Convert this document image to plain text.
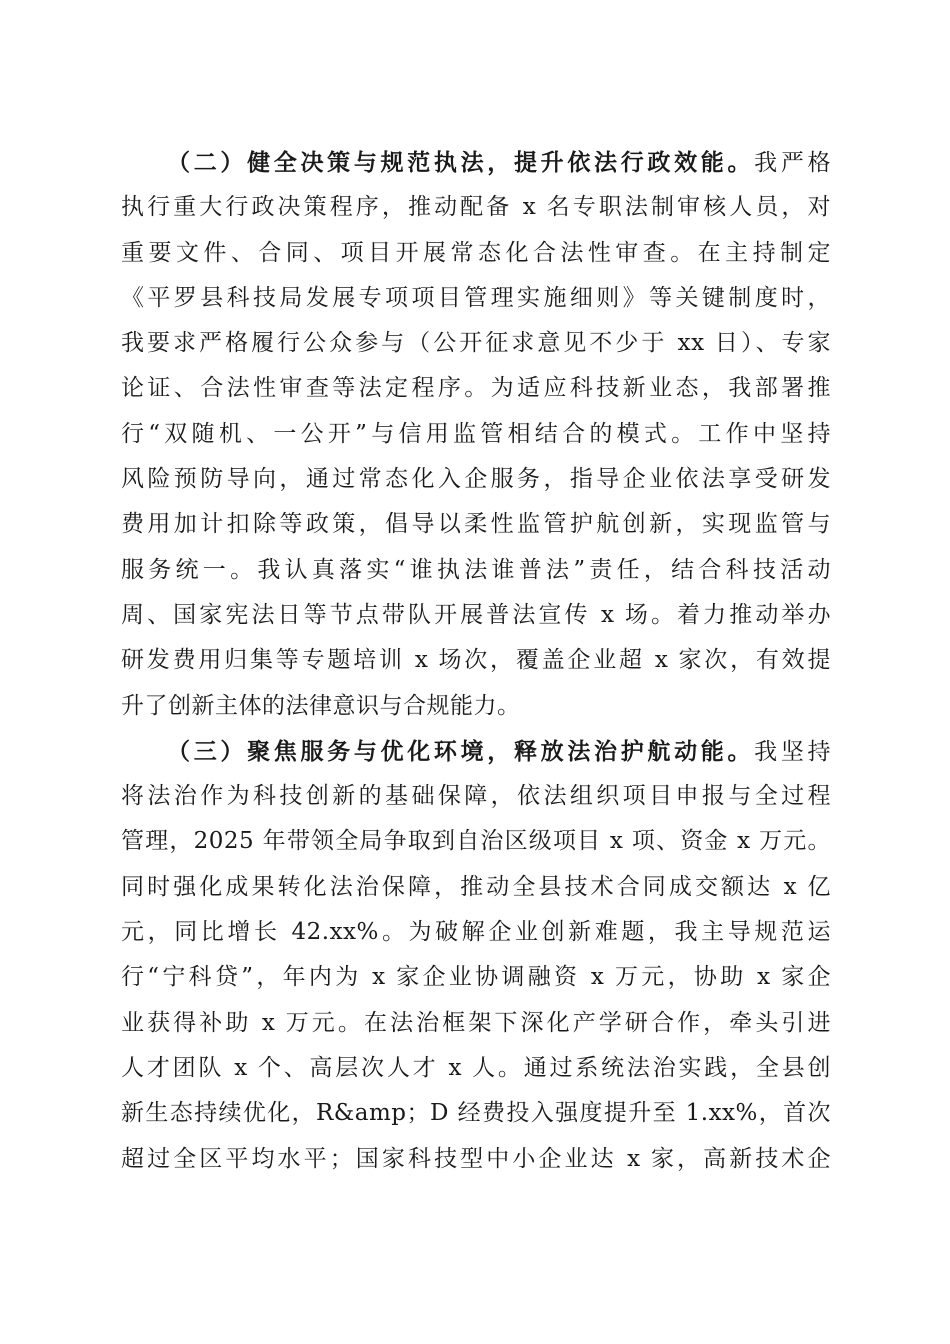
（二）健全决策与规范执法，提升依法行政效能。我严格
执行重大行政决策程序，推动配备 x 名专职法制审核人员，对
重要文件、合同、项目开展常态化合法性审查。在主持制定
《平罗县科技局发展专项项目管理实施细则》等关键制度时，
我要求严格履行公众参与（公开征求意见不少于 xx 日）、专家
论证、合法性审查等法定程序。为适应科技新业态，我部署推
行“双随机、一公开”与信用监管相结合的模式。工作中坚持
风险预防导向，通过常态化入企服务，指导企业依法享受研发
费用加计扣除等政策，倡导以柔性监管护航创新，实现监管与
服务统一。我认真落实“谁执法谁普法”责任，结合科技活动
周、国家宪法日等节点带队开展普法宣传 x 场。着力推动举办
研发费用归集等专题培训 x 场次，覆盖企业超 x 家次，有效提
升了创新主体的法律意识与合规能力。
（三）聚焦服务与优化环境，释放法治护航动能。我坚持
将法治作为科技创新的基础保障，依法组织项目申报与全过程
管理，2025 年带领全局争取到自治区级项目 x 项、资金 x 万元。
同时强化成果转化法治保障，推动全县技术合同成交额达 x 亿
元，同比增长 42.xx%。为破解企业创新难题，我主导规范运
行“宁科贷”，年内为 x 家企业协调融资 x 万元，协助 x 家企
业获得补助 x 万元。在法治框架下深化产学研合作，牵头引进
人才团队 x 个、高层次人才 x 人。通过系统法治实践，全县创
新生态持续优化，R&amp；D 经费投入强度提升至 1.xx%，首次
超过全区平均水平；国家科技型中小企业达 x 家，高新技术企
